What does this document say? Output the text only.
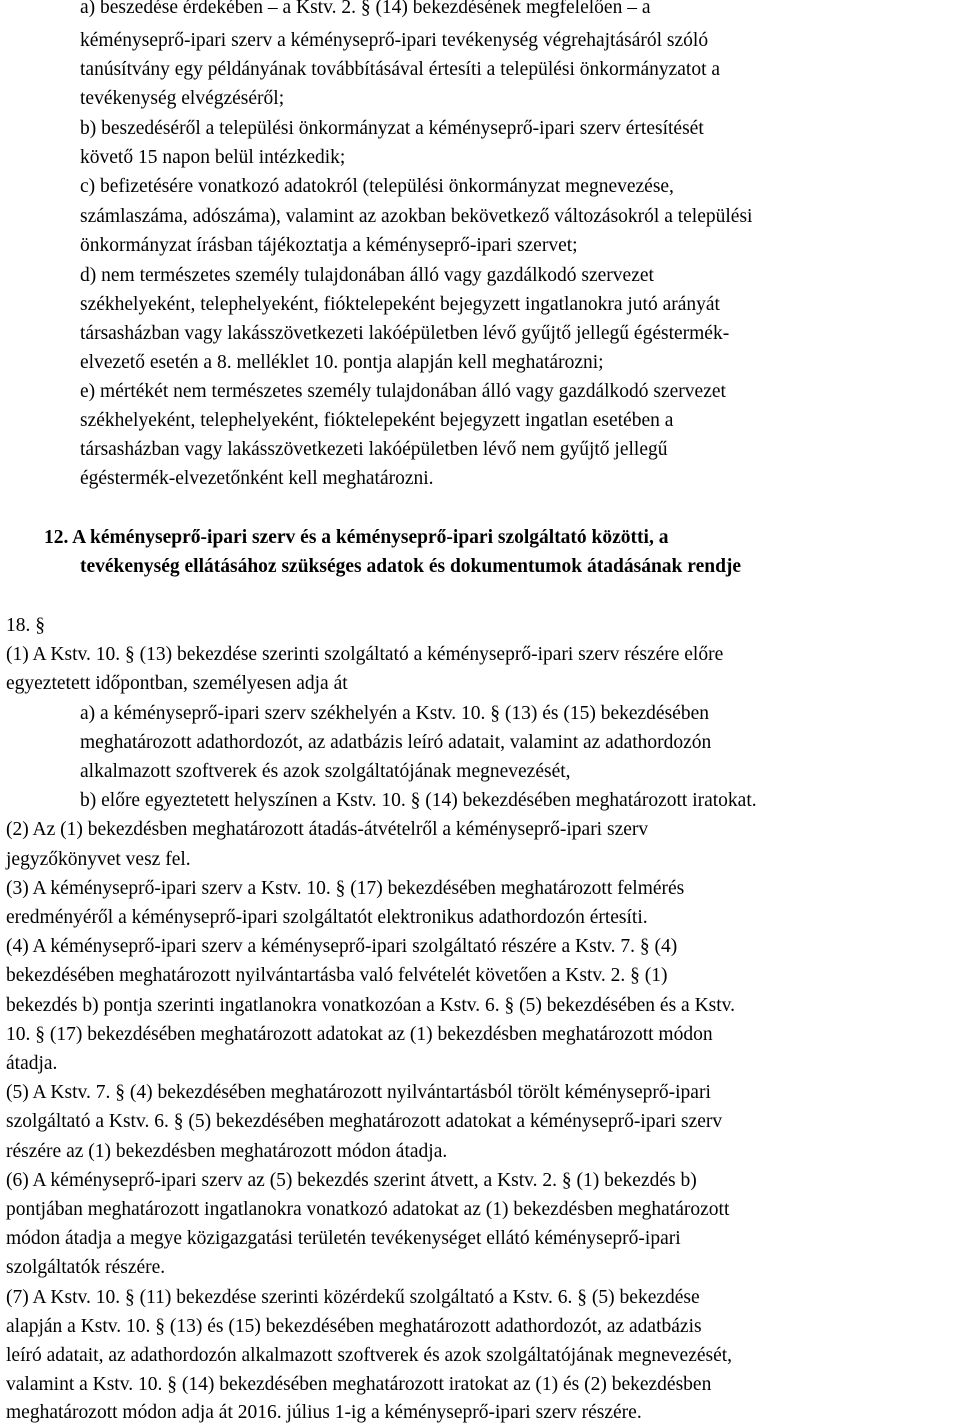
a) beszedése érdekében – a Kstv. 2. § (14) bekezdésének megfelelően – a
kéményseprő-ipari szerv a kéményseprő-ipari tevékenység végrehajtásáról szóló
tanúsítvány egy példányának továbbításával értesíti a települési önkormányzatot a
tevékenység elvégzéséről;
b) beszedéséről a települési önkormányzat a kéményseprő-ipari szerv értesítését
követő 15 napon belül intézkedik;
c) befizetésére vonatkozó adatokról (települési önkormányzat megnevezése,
számlaszáma, adószáma), valamint az azokban bekövetkező változásokról a települési
önkormányzat írásban tájékoztatja a kéményseprő-ipari szervet;
d) nem természetes személy tulajdonában álló vagy gazdálkodó szervezet
székhelyeként, telephelyeként, fióktelepeként bejegyzett ingatlanokra jutó arányát
társasházban vagy lakásszövetkezeti lakóépületben lévő gyűjtő jellegű égéstermék-
elvezető esetén a 8. melléklet 10. pontja alapján kell meghatározni;
e) mértékét nem természetes személy tulajdonában álló vagy gazdálkodó szervezet
székhelyeként, telephelyeként, fióktelepeként bejegyzett ingatlan esetében a
társasházban vagy lakásszövetkezeti lakóépületben lévő nem gyűjtő jellegű
égéstermék-elvezetőnként kell meghatározni.
12. A kéményseprő-ipari szerv és a kéményseprő-ipari szolgáltató közötti, a
tevékenység ellátásához szükséges adatok és dokumentumok átadásának rendje
18. §
(1) A Kstv. 10. § (13) bekezdése szerinti szolgáltató a kéményseprő-ipari szerv részére előre
egyeztetett időpontban, személyesen adja át
a) a kéményseprő-ipari szerv székhelyén a Kstv. 10. § (13) és (15) bekezdésében
meghatározott adathordozót, az adatbázis leíró adatait, valamint az adathordozón
alkalmazott szoftverek és azok szolgáltatójának megnevezését,
b) előre egyeztetett helyszínen a Kstv. 10. § (14) bekezdésében meghatározott iratokat.
(2) Az (1) bekezdésben meghatározott átadás-átvételről a kéményseprő-ipari szerv
jegyzőkönyvet vesz fel.
(3) A kéményseprő-ipari szerv a Kstv. 10. § (17) bekezdésében meghatározott felmérés
eredményéről a kéményseprő-ipari szolgáltatót elektronikus adathordozón értesíti.
(4) A kéményseprő-ipari szerv a kéményseprő-ipari szolgáltató részére a Kstv. 7. § (4)
bekezdésében meghatározott nyilvántartásba való felvételét követően a Kstv. 2. § (1)
bekezdés b) pontja szerinti ingatlanokra vonatkozóan a Kstv. 6. § (5) bekezdésében és a Kstv.
10. § (17) bekezdésében meghatározott adatokat az (1) bekezdésben meghatározott módon
átadja.
(5) A Kstv. 7. § (4) bekezdésében meghatározott nyilvántartásból törölt kéményseprő-ipari
szolgáltató a Kstv. 6. § (5) bekezdésében meghatározott adatokat a kéményseprő-ipari szerv
részére az (1) bekezdésben meghatározott módon átadja.
(6) A kéményseprő-ipari szerv az (5) bekezdés szerint átvett, a Kstv. 2. § (1) bekezdés b)
pontjában meghatározott ingatlanokra vonatkozó adatokat az (1) bekezdésben meghatározott
módon átadja a megye közigazgatási területén tevékenységet ellátó kéményseprő-ipari
szolgáltatók részére.
(7) A Kstv. 10. § (11) bekezdése szerinti közérdekű szolgáltató a Kstv. 6. § (5) bekezdése
alapján a Kstv. 10. § (13) és (15) bekezdésében meghatározott adathordozót, az adatbázis
leíró adatait, az adathordozón alkalmazott szoftverek és azok szolgáltatójának megnevezését,
valamint a Kstv. 10. § (14) bekezdésében meghatározott iratokat az (1) és (2) bekezdésben
meghatározott módon adja át 2016. július 1-ig a kéményseprő-ipari szerv részére.
